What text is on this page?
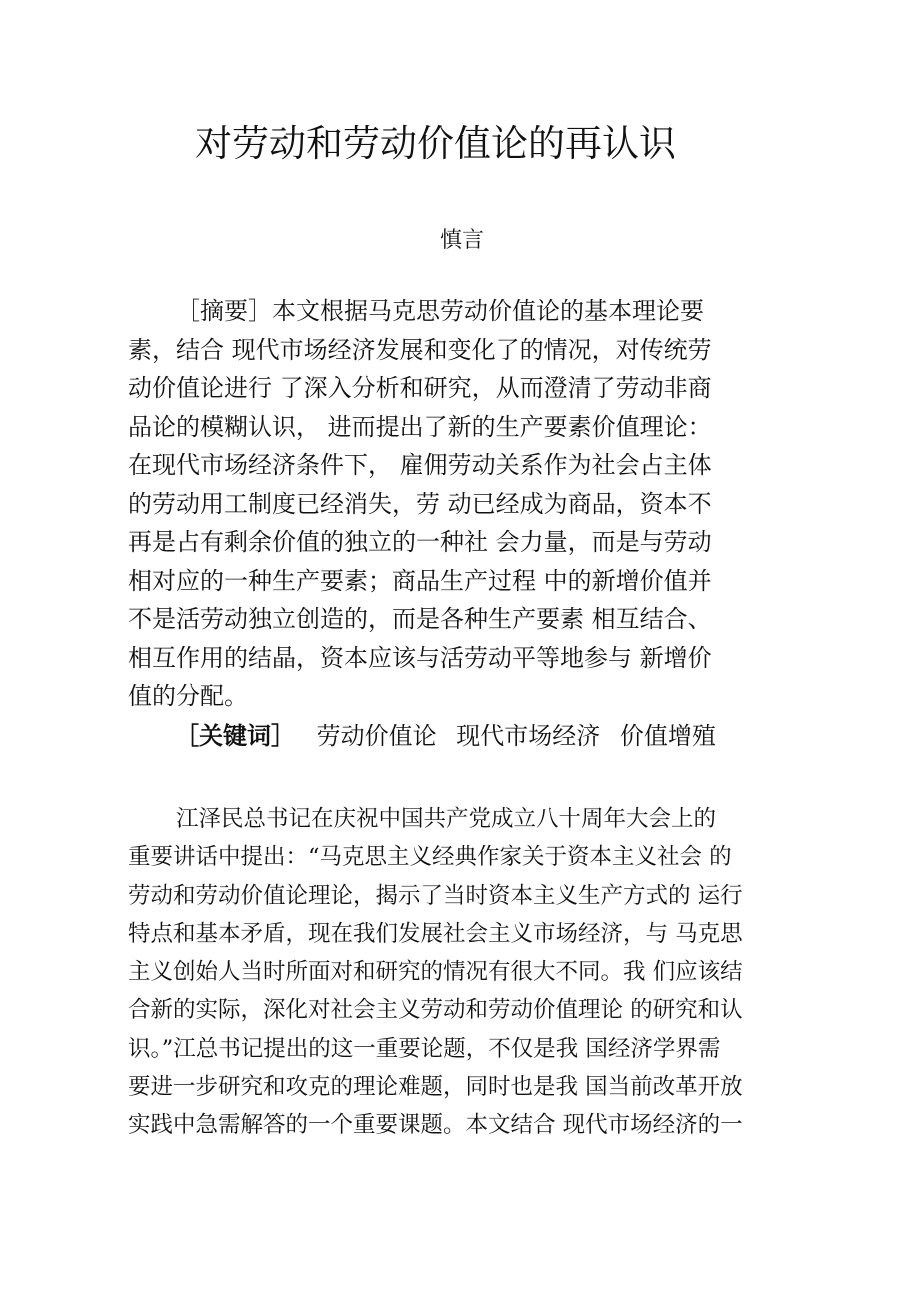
对劳动和劳动价值论的再认识
慎言
［摘要］本文根据马克思劳动价值论的基本理论要
素，结合 现代市场经济发展和变化了的情况，对传统劳
动价值论进行 了深入分析和研究，从而澄清了劳动非商
品论的模糊认识， 进而提出了新的生产要素价值理论：
在现代市场经济条件下， 雇佣劳动关系作为社会占主体
的劳动用工制度已经消失，劳 动已经成为商品，资本不
再是占有剩余价值的独立的一种社 会力量，而是与劳动
相对应的一种生产要素；商品生产过程 中的新增价值并
不是活劳动独立创造的，而是各种生产要素 相互结合、
相互作用的结晶，资本应该与活劳动平等地参与 新增价
值的分配。
［关键词］ 劳动价值论 现代市场经济 价值增殖
江泽民总书记在庆祝中国共产党成立八十周年大会上的
重要讲话中提出：“马克思主义经典作家关于资本主义社会 的
劳动和劳动价值论理论，揭示了当时资本主义生产方式的 运行
特点和基本矛盾，现在我们发展社会主义市场经济，与 马克思
主义创始人当时所面对和研究的情况有很大不同。我 们应该结
合新的实际，深化对社会主义劳动和劳动价值理论 的研究和认
识。”江总书记提出的这一重要论题，不仅是我 国经济学界需
要进一步研究和攻克的理论难题，同时也是我 国当前改革开放
实践中急需解答的一个重要课题。本文结合 现代市场经济的一
